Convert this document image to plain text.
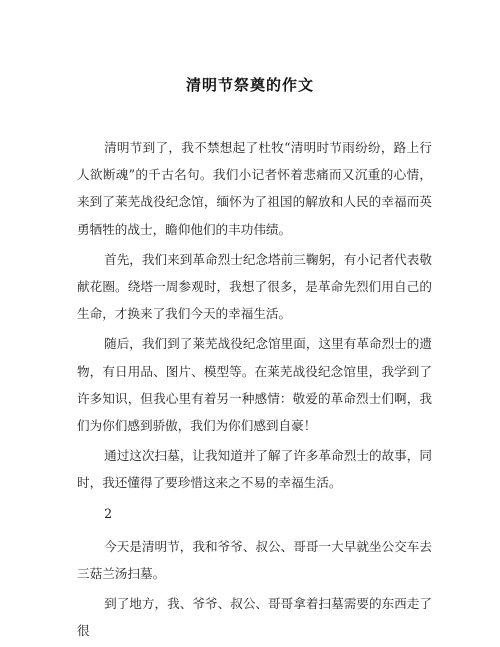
清明节祭奠的作文

清明节到了，我不禁想起了杜牧“清明时节雨纷纷，路上行人欲断魂”的千古名句。我们小记者怀着悲痛而又沉重的心情，来到了莱芜战役纪念馆，缅怀为了祖国的解放和人民的幸福而英勇牺牲的战士，瞻仰他们的丰功伟绩。

首先，我们来到革命烈士纪念塔前三鞠躬，有小记者代表敬献花圈。绕塔一周参观时，我想了很多，是革命先烈们用自己的生命，才换来了我们今天的幸福生活。

随后，我们到了莱芜战役纪念馆里面，这里有革命烈士的遗物，有日用品、图片、模型等。在莱芜战役纪念馆里，我学到了许多知识，但我心里有着另一种感情：敬爱的革命烈士们啊，我们为你们感到骄傲，我们为你们感到自豪！

通过这次扫墓，让我知道并了解了许多革命烈士的故事，同时，我还懂得了要珍惜这来之不易的幸福生活。

2

今天是清明节，我和爷爷、叔公、哥哥一大早就坐公交车去三菇兰汤扫墓。

到了地方，我、爷爷、叔公、哥哥拿着扫墓需要的东西走了很
